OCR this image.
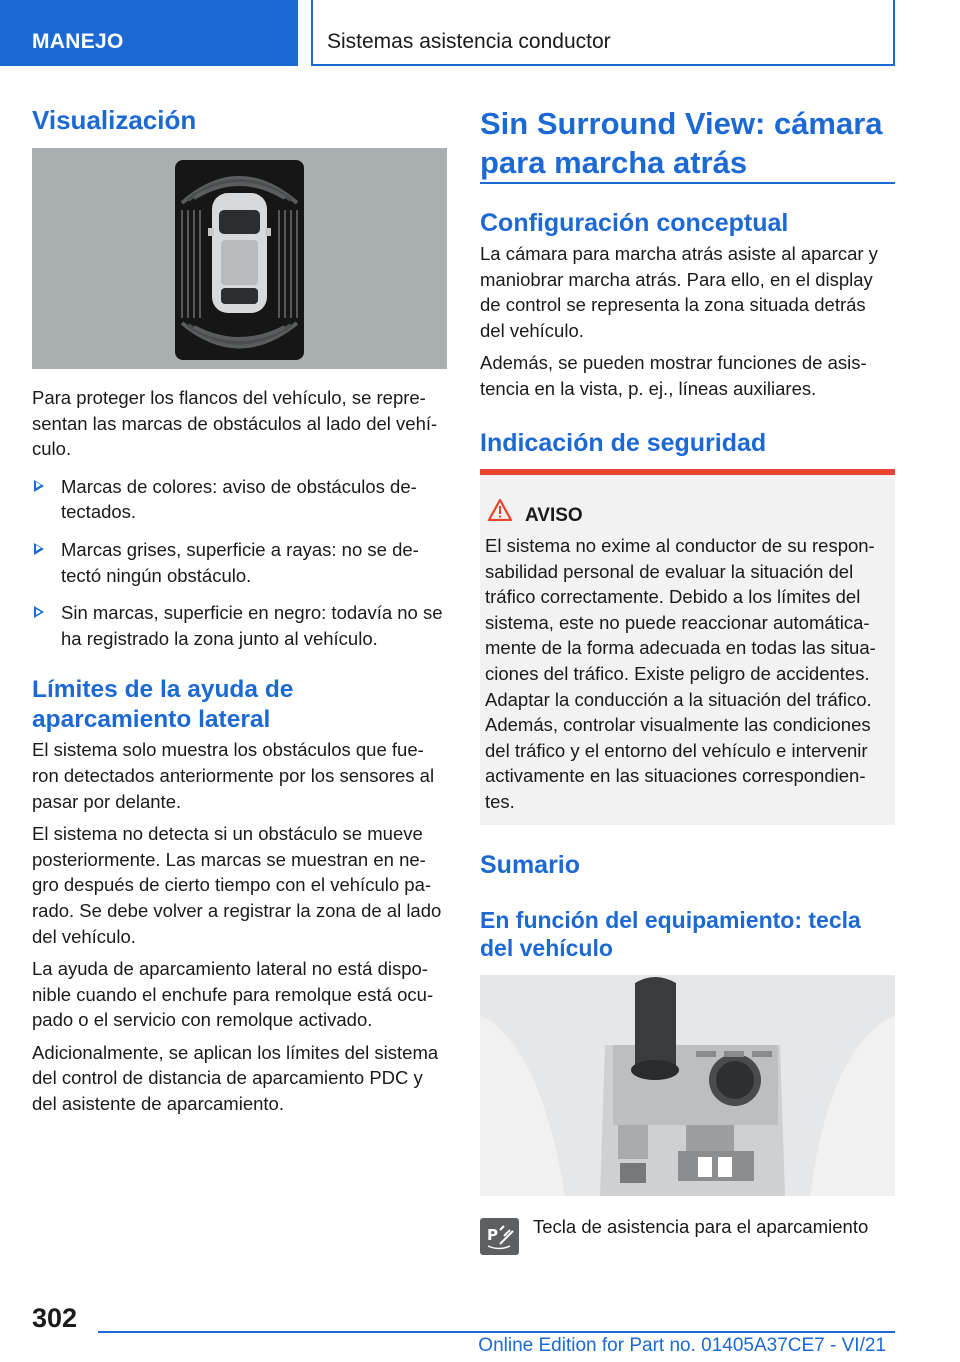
MANEJO	Sistemas asistencia conductor
Visualización

Para proteger los flancos del vehículo, se repre‐ sentan las marcas de obstáculos al lado del vehí‐ culo.

Marcas de colores: aviso de obstáculos de‐ tectados.
Marcas grises, superficie a rayas: no se de‐ tectó ningún obstáculo.
Sin marcas, superficie en negro: todavía no se ha registrado la zona junto al vehículo.
Límites de la ayuda de aparcamiento lateral

El sistema solo muestra los obstáculos que fue‐ ron detectados anteriormente por los sensores al pasar por delante.

El sistema no detecta si un obstáculo se mueve posteriormente. Las marcas se muestran en ne‐ gro después de cierto tiempo con el vehículo pa‐ rado. Se debe volver a registrar la zona de al lado del vehículo.

La ayuda de aparcamiento lateral no está dispo‐ nible cuando el enchufe para remolque está ocu‐ pado o el servicio con remolque activado.

Adicionalmente, se aplican los límites del sistema del control de distancia de aparcamiento PDC y del asistente de aparcamiento.

Sin Surround View: cámara para marcha atrás
Configuración conceptual

La cámara para marcha atrás asiste al aparcar y maniobrar marcha atrás. Para ello, en el display de control se representa la zona situada detrás del vehículo.

Además, se pueden mostrar funciones de asis‐ tencia en la vista, p. ej., líneas auxiliares.

Indicación de seguridad
AVISO

El sistema no exime al conductor de su respon‐ sabilidad personal de evaluar la situación del tráfico correctamente. Debido a los límites del sistema, este no puede reaccionar automática‐ mente de la forma adecuada en todas las situa‐ ciones del tráfico. Existe peligro de accidentes. Adaptar la conducción a la situación del tráfico. Además, controlar visualmente las condiciones del tráfico y el entorno del vehículo e intervenir activamente en las situaciones correspondien‐ tes.

Sumario
En función del equipamiento: tecla del vehículo
P Tecla de asistencia para el aparcamiento
302
Online Edition for Part no. 01405A37CE7 - VI/21
